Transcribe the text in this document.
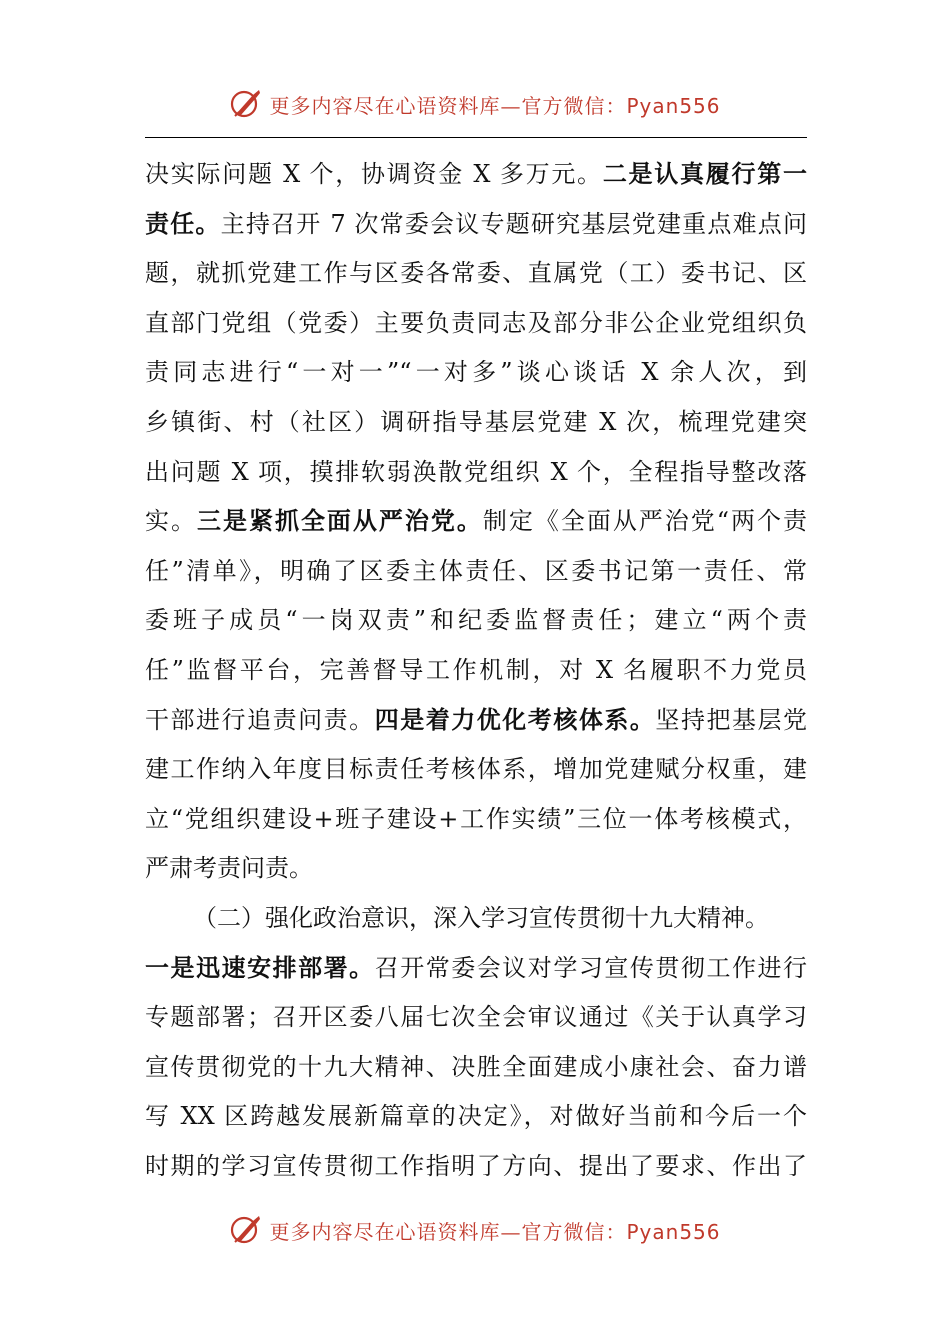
更多内容尽在心语资料库—官方微信：Pyan556
决实际问题 X 个，协调资金 X 多万元。二是认真履行第一
责任。主持召开 7 次常委会议专题研究基层党建重点难点问
题，就抓党建工作与区委各常委、直属党（工）委书记、区
直部门党组（党委）主要负责同志及部分非公企业党组织负
责同志进行“一对一”“一对多”谈心谈话 X 余人次，到
乡镇街、村（社区）调研指导基层党建 X 次，梳理党建突
出问题 X 项，摸排软弱涣散党组织 X 个，全程指导整改落
实。三是紧抓全面从严治党。制定《全面从严治党“两个责
任”清单》，明确了区委主体责任、区委书记第一责任、常
委班子成员“一岗双责”和纪委监督责任；建立“两个责
任”监督平台，完善督导工作机制，对 X 名履职不力党员
干部进行追责问责。四是着力优化考核体系。坚持把基层党
建工作纳入年度目标责任考核体系，增加党建赋分权重，建
立“党组织建设+班子建设+工作实绩”三位一体考核模式，
严肃考责问责。
（二）强化政治意识，深入学习宣传贯彻十九大精神。
一是迅速安排部署。召开常委会议对学习宣传贯彻工作进行
专题部署；召开区委八届七次全会审议通过《关于认真学习
宣传贯彻党的十九大精神、决胜全面建成小康社会、奋力谱
写 XX 区跨越发展新篇章的决定》，对做好当前和今后一个
时期的学习宣传贯彻工作指明了方向、提出了要求、作出了
更多内容尽在心语资料库—官方微信：Pyan556
